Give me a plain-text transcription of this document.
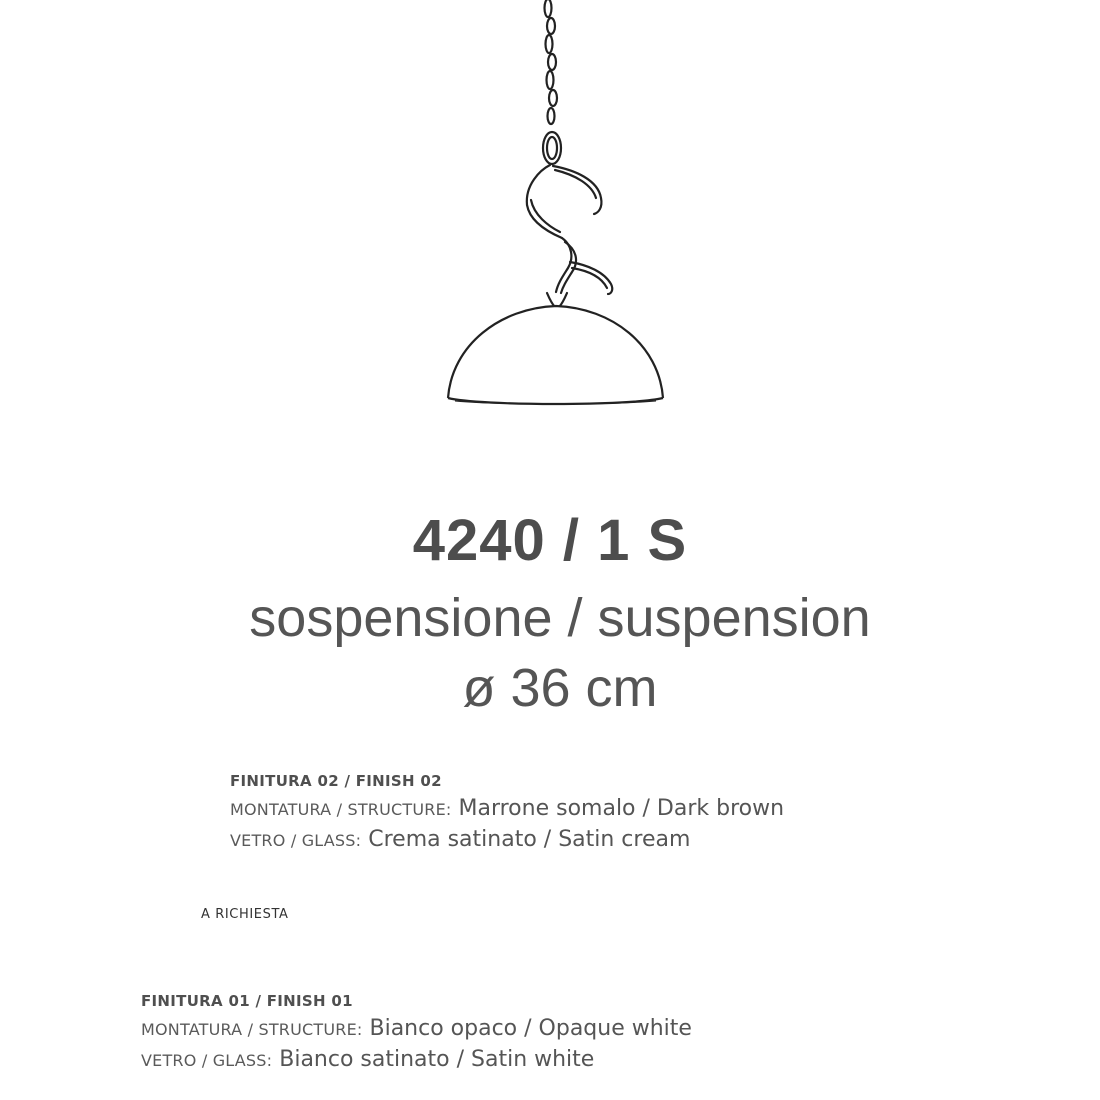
4240 / 1 S
sospensione / suspension
ø 36 cm
FINITURA 02 / FINISH 02
MONTATURA / STRUCTURE: Marrone somalo / Dark brown
VETRO / GLASS: Crema satinato / Satin cream
A RICHIESTA
FINITURA 01 / FINISH 01
MONTATURA / STRUCTURE: Bianco opaco / Opaque white
VETRO / GLASS: Bianco satinato / Satin white
